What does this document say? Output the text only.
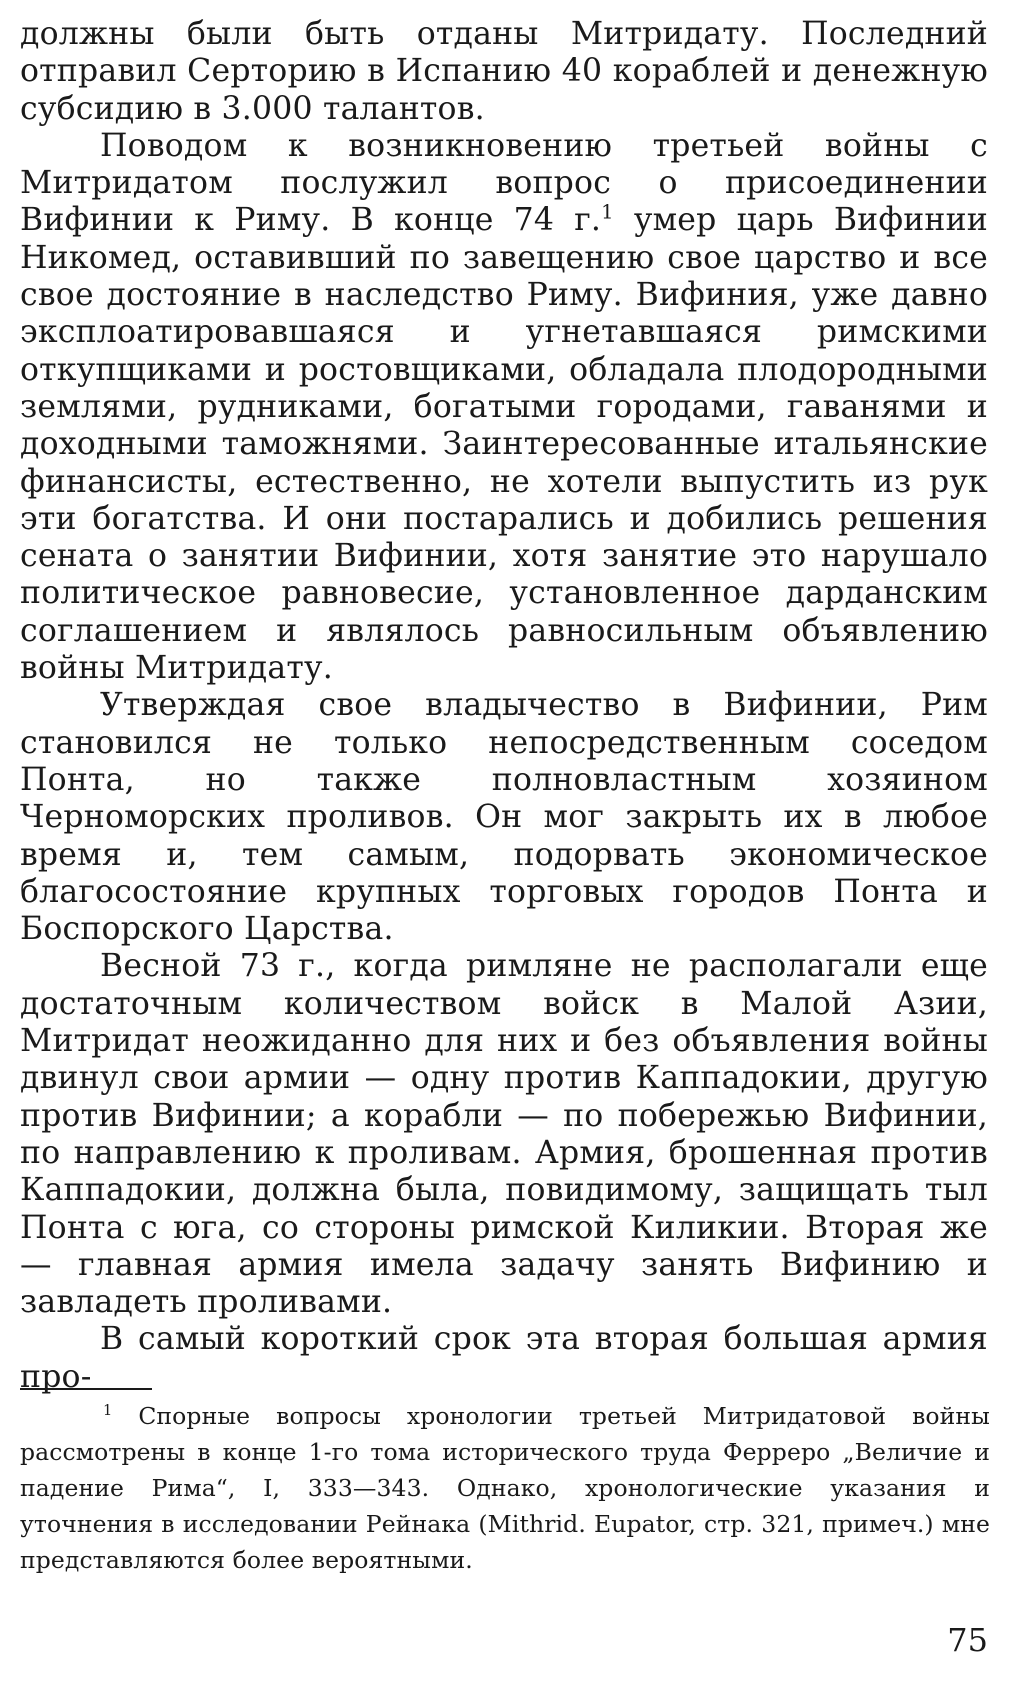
должны были быть отданы Митридату. Последний отправил Серторию в Испанию 40 кораблей и денежную субсидию в 3.000 талантов.

Поводом к возникновению третьей войны с Митридатом послужил вопрос о присоединении Вифинии к Риму. В конце 74 г.$^1$ умер царь Вифинии Никомед, оставивший по завещению свое царство и все свое достояние в наследство Риму. Вифиния, уже давно эксплоатировавшаяся и угнетавшаяся римскими откупщиками и ростовщиками, обладала плодородными землями, рудниками, богатыми городами, гаванями и доходными таможнями. Заинтересованные итальянские финансисты, естественно, не хотели выпустить из рук эти богатства. И они постарались и добились решения сената о занятии Вифинии, хотя занятие это нарушало политическое равновесие, установленное дарданским соглашением и являлось равносильным объявлению войны Митридату.

Утверждая свое владычество в Вифинии, Рим становился не только непосредственным соседом Понта, но также полновластным хозяином Черноморских проливов. Он мог закрыть их в любое время и, тем самым, подорвать экономическое благосостояние крупных торговых городов Понта и Боспорского Царства.

Весной 73 г., когда римляне не располагали еще достаточным количеством войск в Малой Азии, Митридат неожиданно для них и без объявления войны двинул свои армии — одну против Каппадокии, другую против Вифинии; а корабли — по побережью Вифинии, по направлению к проливам. Армия, брошенная против Каппадокии, должна была, повидимому, защищать тыл Понта с юга, со стороны римской Киликии. Вторая же — главная армия имела задачу занять Вифинию и завладеть проливами.

В самый короткий срок эта вторая большая армия про-

$^1$ Спорные вопросы хронологии третьей Митридатовой войны рассмотрены в конце 1-го тома исторического труда Ферреро „Величие и падение Рима“, I, 333—343. Однако, хронологические указания и уточнения в исследовании Рейнака (Mithrid. Eupator, стр. 321, примеч.) мне представляются более вероятными.
75
